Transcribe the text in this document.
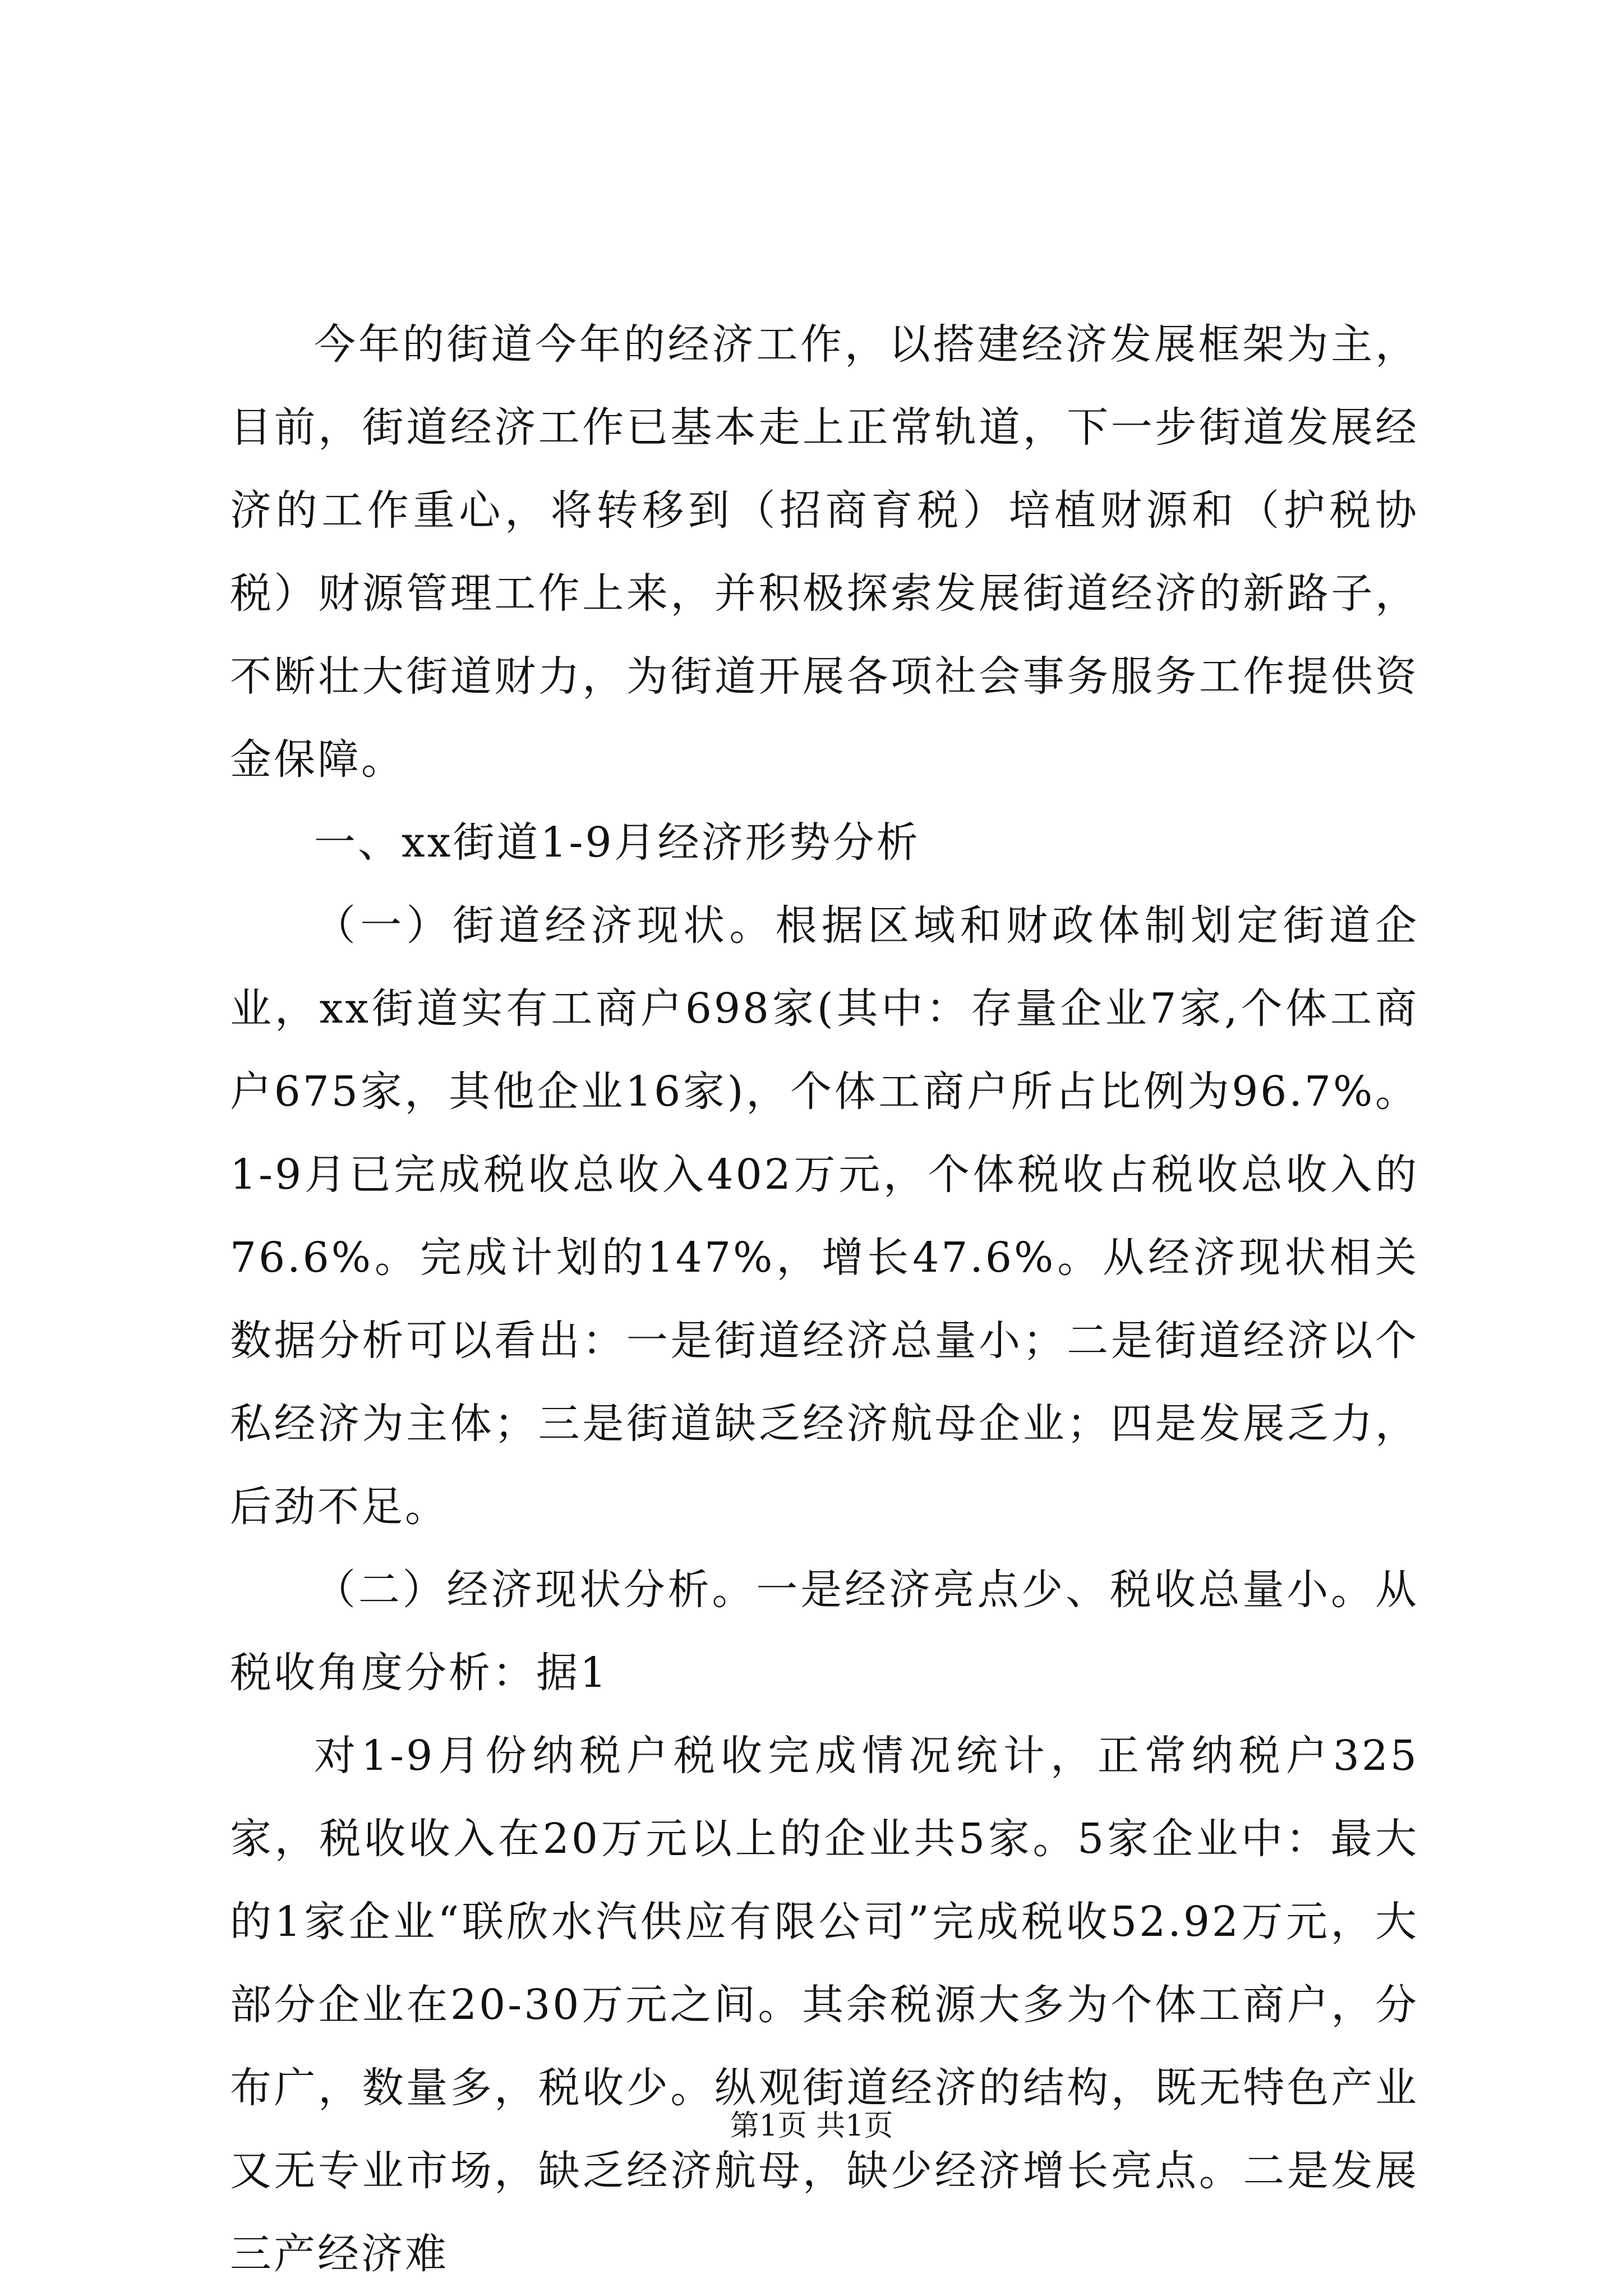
今年的街道今年的经济工作，以搭建经济发展框架为主，目前，街道经济工作已基本走上正常轨道，下一步街道发展经济的工作重心，将转移到（招商育税）培植财源和（护税协税）财源管理工作上来，并积极探索发展街道经济的新路子，不断壮大街道财力，为街道开展各项社会事务服务工作提供资金保障。

一、xx街道1-9月经济形势分析

（一）街道经济现状。根据区域和财政体制划定街道企业，xx街道实有工商户698家(其中：存量企业7家,个体工商户675家，其他企业16家)，个体工商户所占比例为96.7%。1-9月已完成税收总收入402万元，个体税收占税收总收入的76.6%。完成计划的147%，增长47.6%。从经济现状相关数据分析可以看出：一是街道经济总量小；二是街道经济以个私经济为主体；三是街道缺乏经济航母企业；四是发展乏力，后劲不足。

（二）经济现状分析。一是经济亮点少、税收总量小。从税收角度分析：据1

对1-9月份纳税户税收完成情况统计，正常纳税户325家，税收收入在20万元以上的企业共5家。5家企业中：最大的1家企业“联欣水汽供应有限公司”完成税收52.92万元，大部分企业在20-30万元之间。其余税源大多为个体工商户，分布广，数量多，税收少。纵观街道经济的结构，既无特色产业又无专业市场，缺乏经济航母，缺少经济增长亮点。二是发展三产经济难

第1页 共1页
